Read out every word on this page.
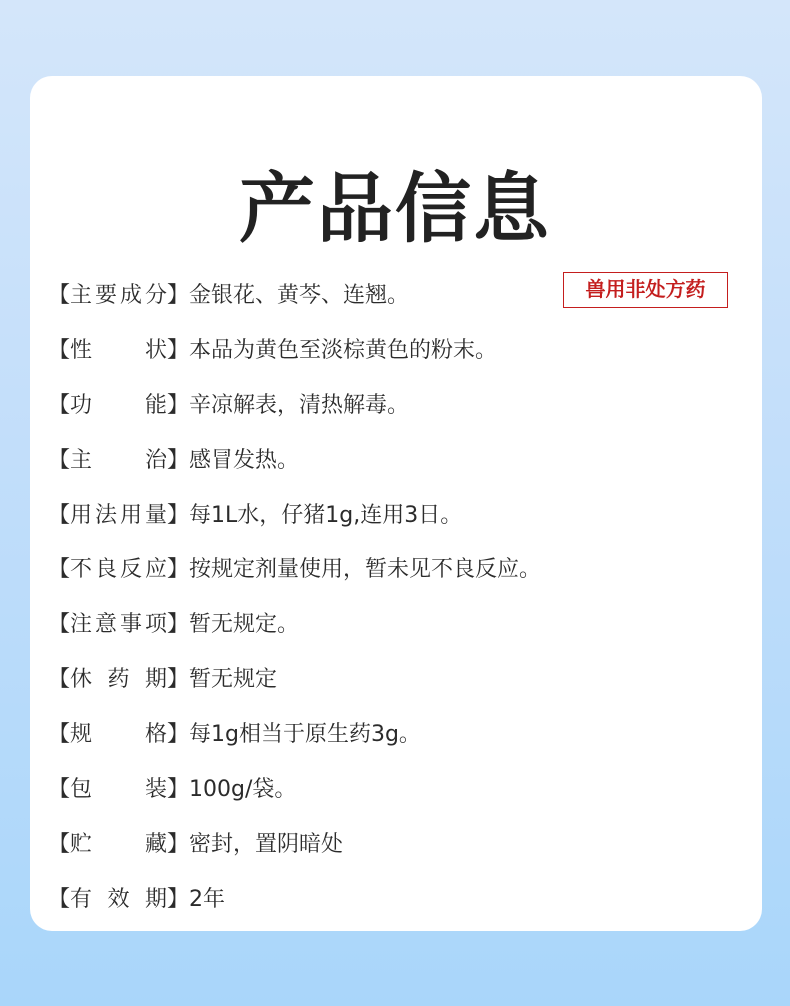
产品信息
兽用非处方药
【 主 要 成 分 】 金银花、黄芩、连翘。
【 性 状 】 本品为黄色至淡棕黄色的粉末。
【 功 能 】 辛凉解表，清热解毒。
【 主 治 】 感冒发热。
【 用 法 用 量 】 每1L水，仔猪1g,连用3日。
【 不 良 反 应 】 按规定剂量使用，暂未见不良反应。
【 注 意 事 项 】 暂无规定。
【 休 药 期 】 暂无规定
【 规 格 】 每1g相当于原生药3g。
【 包 装 】 100g/袋。
【 贮 藏 】 密封，置阴暗处
【 有 效 期 】 2年
